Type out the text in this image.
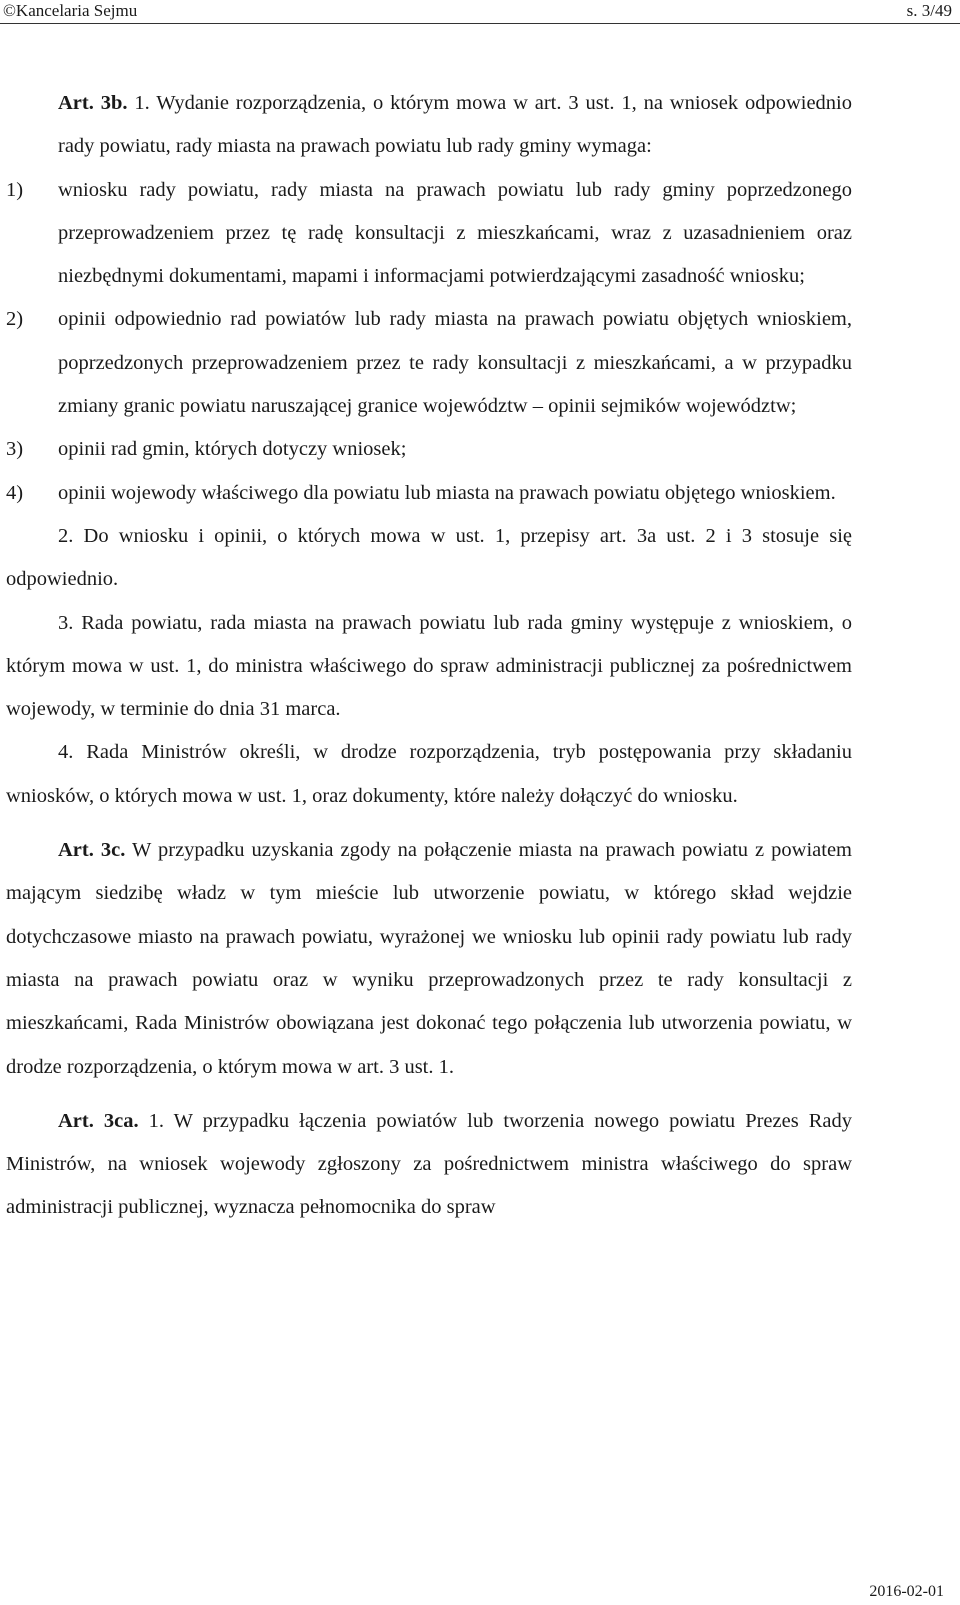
©Kancelaria Sejmu	s. 3/49

Art. 3b. 1. Wydanie rozporządzenia, o którym mowa w art. 3 ust. 1, na wniosek odpowiednio rady powiatu, rady miasta na prawach powiatu lub rady gminy wymaga:

1) wniosku rady powiatu, rady miasta na prawach powiatu lub rady gminy poprzedzonego przeprowadzeniem przez tę radę konsultacji z mieszkańcami, wraz z uzasadnieniem oraz niezbędnymi dokumentami, mapami i informacjami potwierdzającymi zasadność wniosku;

2) opinii odpowiednio rad powiatów lub rady miasta na prawach powiatu objętych wnioskiem, poprzedzonych przeprowadzeniem przez te rady konsultacji z mieszkańcami, a w przypadku zmiany granic powiatu naruszającej granice województw – opinii sejmików województw;

3) opinii rad gmin, których dotyczy wniosek;

4) opinii wojewody właściwego dla powiatu lub miasta na prawach powiatu objętego wnioskiem.

2. Do wniosku i opinii, o których mowa w ust. 1, przepisy art. 3a ust. 2 i 3 stosuje się odpowiednio.

3. Rada powiatu, rada miasta na prawach powiatu lub rada gminy występuje z wnioskiem, o którym mowa w ust. 1, do ministra właściwego do spraw administracji publicznej za pośrednictwem wojewody, w terminie do dnia 31 marca.

4. Rada Ministrów określi, w drodze rozporządzenia, tryb postępowania przy składaniu wniosków, o których mowa w ust. 1, oraz dokumenty, które należy dołączyć do wniosku.

Art. 3c. W przypadku uzyskania zgody na połączenie miasta na prawach powiatu z powiatem mającym siedzibę władz w tym mieście lub utworzenie powiatu, w którego skład wejdzie dotychczasowe miasto na prawach powiatu, wyrażonej we wniosku lub opinii rady powiatu lub rady miasta na prawach powiatu oraz w wyniku przeprowadzonych przez te rady konsultacji z mieszkańcami, Rada Ministrów obowiązana jest dokonać tego połączenia lub utworzenia powiatu, w drodze rozporządzenia, o którym mowa w art. 3 ust. 1.

Art. 3ca. 1. W przypadku łączenia powiatów lub tworzenia nowego powiatu Prezes Rady Ministrów, na wniosek wojewody zgłoszony za pośrednictwem ministra właściwego do spraw administracji publicznej, wyznacza pełnomocnika do spraw

2016-02-01
